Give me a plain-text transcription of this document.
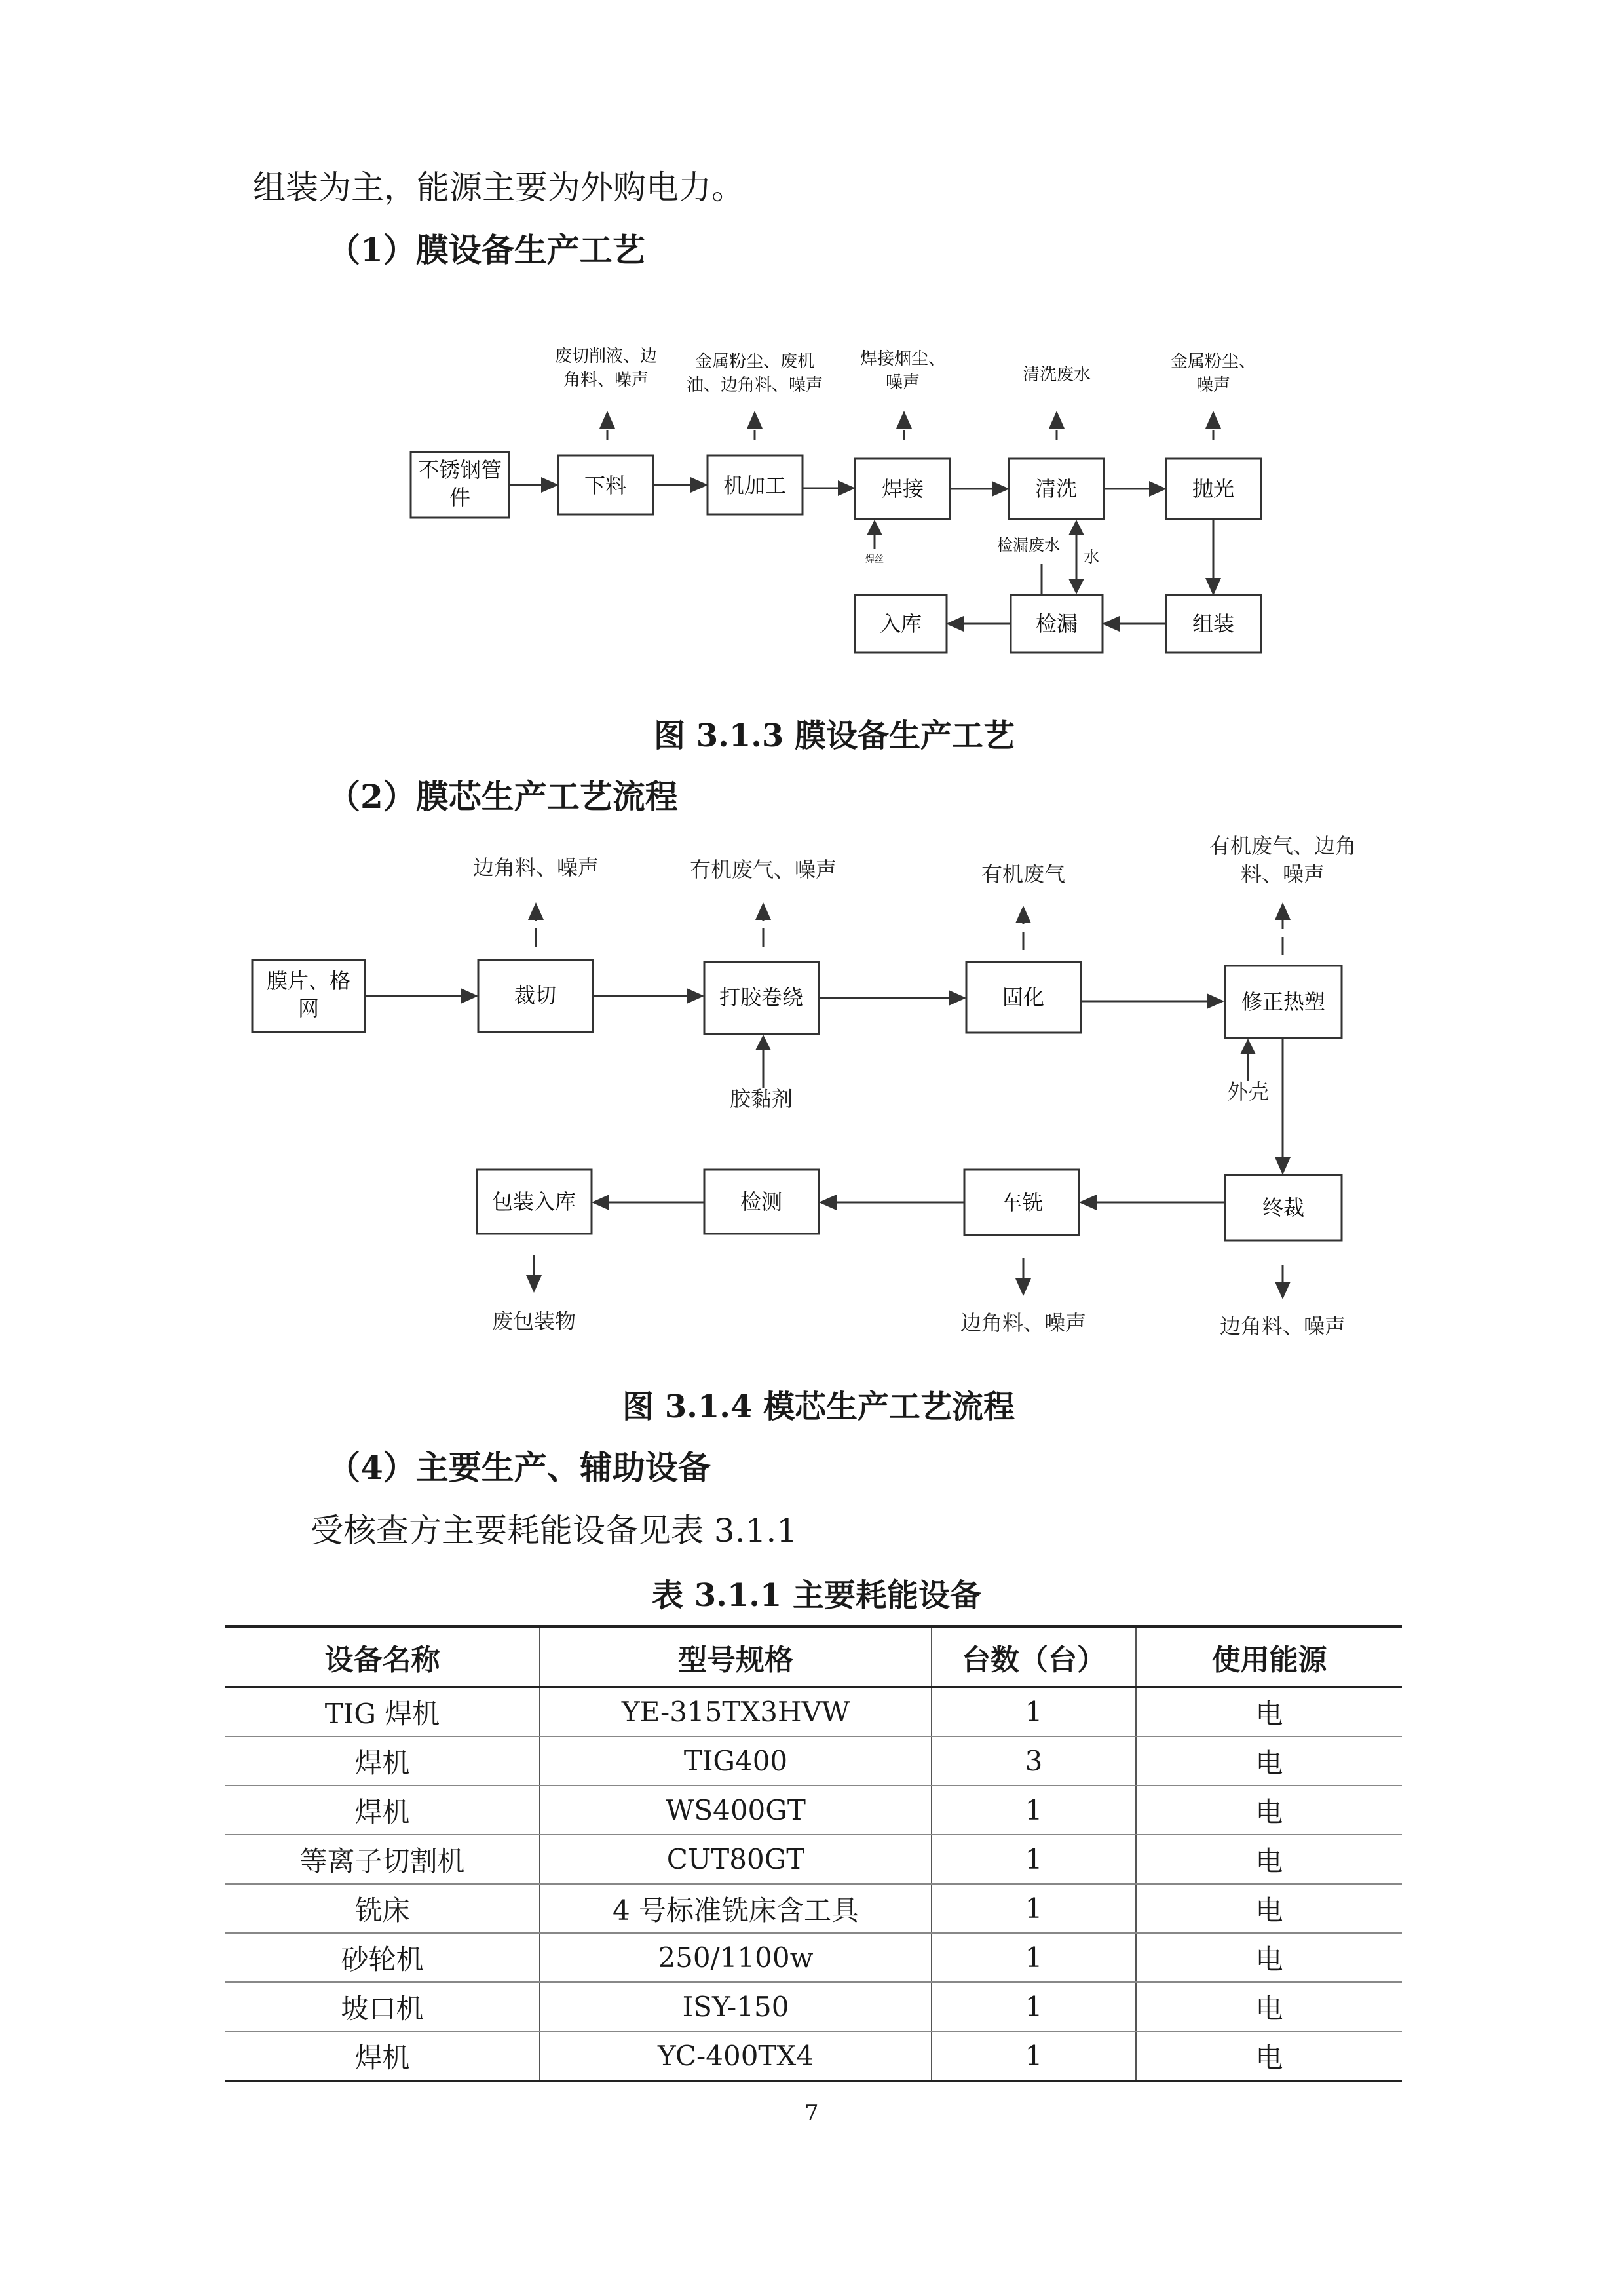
组装为主，能源主要为外购电力。
（1）膜设备生产工艺
不锈钢管
件	下料	机加工	焊接	清洗	抛光
组装
检漏
入库
废切削液、边
角料、噪声
金属粉尘、废机
油、边角料、噪声
焊接烟尘、
噪声	清洗废水
金属粉尘、
噪声
检漏废水
水
焊丝
图 3.1.3 膜设备生产工艺
（2）膜芯生产工艺流程
膜片、格
网
裁切	打胶卷绕	固化	修正热塑
终裁
车铣
检测
包装入库
边角料、噪声	有机废气、噪声	有机废气
有机废气、边角
料、噪声
胶黏剂	外壳
边角料、噪声	边角料、噪声
废包装物
图 3.1.4 模芯生产工艺流程
（4）主要生产、辅助设备
受核查方主要耗能设备见表 3.1.1
表 3.1.1 主要耗能设备
设备名称	型号规格	台数（台）	使用能源
TIG 焊机	YE-315TX3HVW	1	电
焊机	TIG400	3	电
焊机	WS400GT	1	电
等离子切割机	CUT80GT	1	电
铣床	4 号标准铣床含工具	1	电
砂轮机	250/1100w	1	电
坡口机	ISY-150	1	电
焊机	YC-400TX4	1	电
7
